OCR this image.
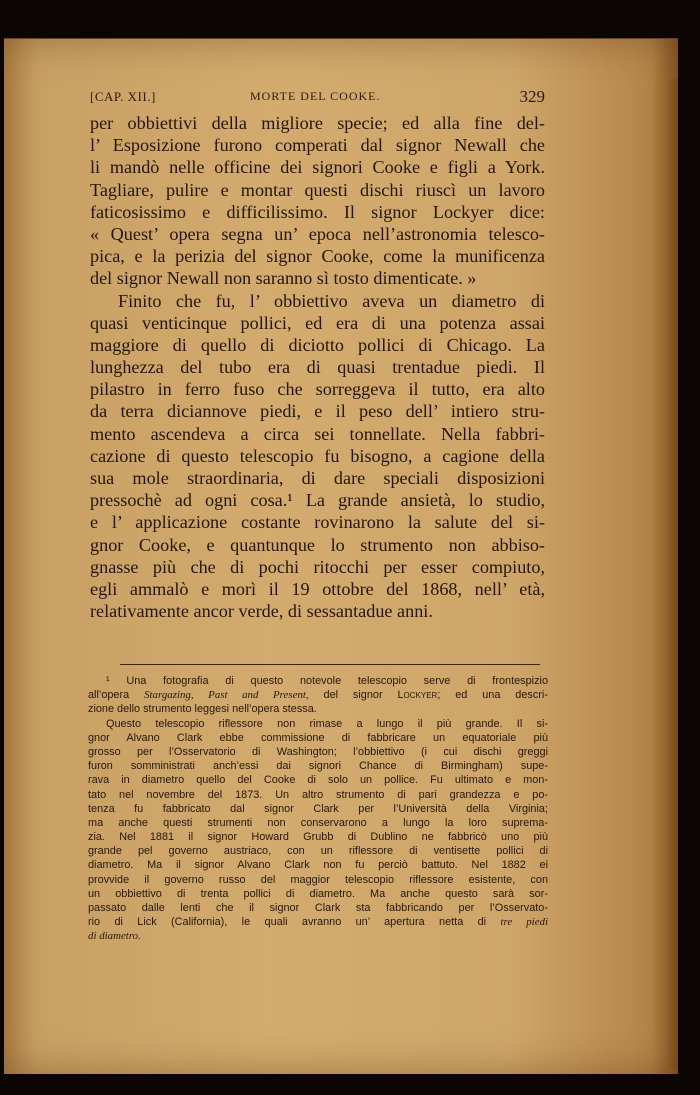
[CAP. XII.]	MORTE DEL COOKE.	329
per obbiettivi della migliore specie; ed alla fine del-
l’ Esposizione furono comperati dal signor Newall che
li mandò nelle officine dei signori Cooke e figli a York.
Tagliare, pulire e montar questi dischi riuscì un lavoro
faticosissimo e difficilissimo. Il signor Lockyer dice:
« Quest’ opera segna un’ epoca nell’astronomia telesco-
pica, e la perizia del signor Cooke, come la munificenza
del signor Newall non saranno sì tosto dimenticate. »
Finito che fu, l’ obbiettivo aveva un diametro di
quasi venticinque pollici, ed era di una potenza assai
maggiore di quello di diciotto pollici di Chicago. La
lunghezza del tubo era di quasi trentadue piedi. Il
pilastro in ferro fuso che sorreggeva il tutto, era alto
da terra diciannove piedi, e il peso dell’ intiero stru-
mento ascendeva a circa sei tonnellate. Nella fabbri-
cazione di questo telescopio fu bisogno, a cagione della
sua mole straordinaria, di dare speciali disposizioni
pressochè ad ogni cosa.¹ La grande ansietà, lo studio,
e l’ applicazione costante rovinarono la salute del si-
gnor Cooke, e quantunque lo strumento non abbiso-
gnasse più che di pochi ritocchi per esser compiuto,
egli ammalò e morì il 19 ottobre del 1868, nell’ età,
relativamente ancor verde, di sessantadue anni.
¹ Una fotografia di questo notevole telescopio serve di frontespizio
all’opera Stargazing, Past and Present, del signor Lockyer; ed una descri-
zione dello strumento leggesi nell’opera stessa.
Questo telescopio riflessore non rimase a lungo il più grande. Il si-
gnor Alvano Clark ebbe commissione di fabbricare un equatoriale più
grosso per l’Osservatorio di Washington; l’obbiettivo (i cui dischi greggi
furon somministrati anch’essi dai signori Chance di Birmingham) supe-
rava in diametro quello del Cooke di solo un pollice. Fu ultimato e mon-
tato nel novembre del 1873. Un altro strumento di pari grandezza e po-
tenza fu fabbricato dal signor Clark per l’Università della Virginia;
ma anche questi strumenti non conservarono a lungo la loro suprema-
zia. Nel 1881 il signor Howard Grubb di Dublino ne fabbricò uno più
grande pel governo austriaco, con un riflessore di ventisette pollici di
diametro. Ma il signor Alvano Clark non fu perciò battuto. Nel 1882 ei
provvide il governo russo del maggior telescopio riflessore esistente, con
un obbiettivo di trenta pollici di diametro. Ma anche questo sarà sor-
passato dalle lenti che il signor Clark sta fabbricando per l’Osservato-
rio di Lick (California), le quali avranno un’ apertura netta di tre piedi
di diametro.
